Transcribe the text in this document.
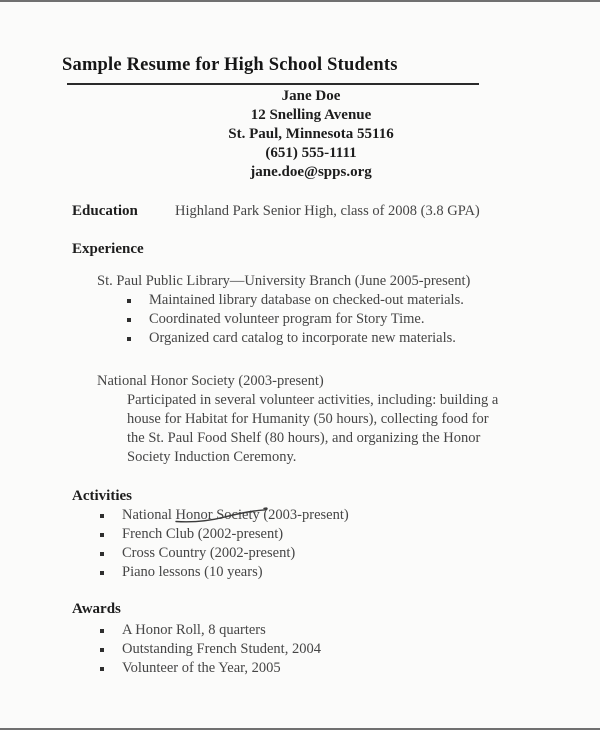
Sample Resume for High School Students
Jane Doe
12 Snelling Avenue
St. Paul, Minnesota 55116
(651) 555-1111
jane.doe@spps.org
Education	Highland Park Senior High, class of 2008 (3.8 GPA)
Experience
St. Paul Public Library—University Branch (June 2005-present)
Maintained library database on checked-out materials.
Coordinated volunteer program for Story Time.
Organized card catalog to incorporate new materials.
National Honor Society (2003-present)
Participated in several volunteer activities, including: building a
house for Habitat for Humanity (50 hours), collecting food for
the St. Paul Food Shelf (80 hours), and organizing the Honor
Society Induction Ceremony.
Activities
National Honor Society (2003-present)
French Club (2002-present)
Cross Country (2002-present)
Piano lessons (10 years)
Awards
A Honor Roll, 8 quarters
Outstanding French Student, 2004
Volunteer of the Year, 2005
